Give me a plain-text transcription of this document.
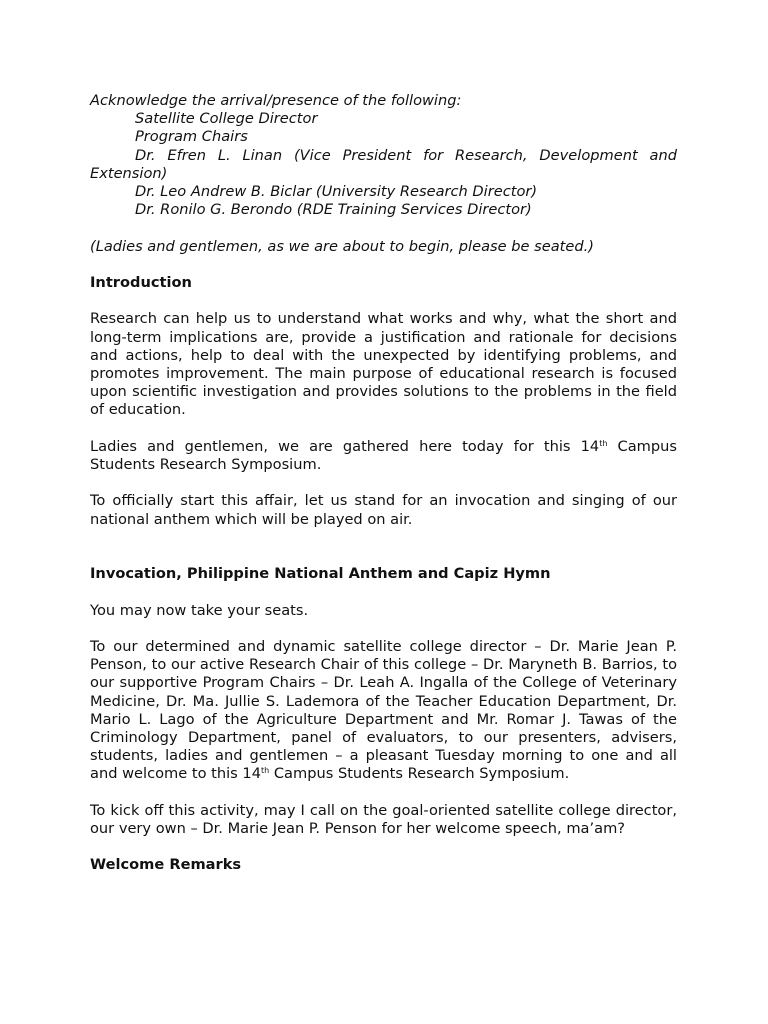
Acknowledge the arrival/presence of the following:

Satellite College Director

Program Chairs

Dr. Efren L. Linan (Vice President for Research, Development and

Extension)

Dr. Leo Andrew B. Biclar (University Research Director)

Dr. Ronilo G. Berondo (RDE Training Services Director)

(Ladies and gentlemen, as we are about to begin, please be seated.)

Introduction

Research can help us to understand what works and why, what the short and long-term implications are, provide a justification and rationale for decisions and actions, help to deal with the unexpected by identifying problems, and promotes improvement. The main purpose of educational research is focused upon scientific investigation and provides solutions to the problems in the field of education.

Ladies and gentlemen, we are gathered here today for this 14th Campus Students Research Symposium.

To officially start this affair, let us stand for an invocation and singing of our national anthem which will be played on air.

Invocation, Philippine National Anthem and Capiz Hymn

You may now take your seats.

To our determined and dynamic satellite college director – Dr. Marie Jean P. Penson, to our active Research Chair of this college – Dr. Maryneth B. Barrios, to our supportive Program Chairs – Dr. Leah A. Ingalla of the College of Veterinary Medicine, Dr. Ma. Jullie S. Lademora of the Teacher Education Department, Dr. Mario L. Lago of the Agriculture Department and Mr. Romar J. Tawas of the Criminology Department, panel of evaluators, to our presenters, advisers, students, ladies and gentlemen – a pleasant Tuesday morning to one and all and welcome to this 14th Campus Students Research Symposium.

To kick off this activity, may I call on the goal-oriented satellite college director, our very own – Dr. Marie Jean P. Penson for her welcome speech, ma’am?

Welcome Remarks
